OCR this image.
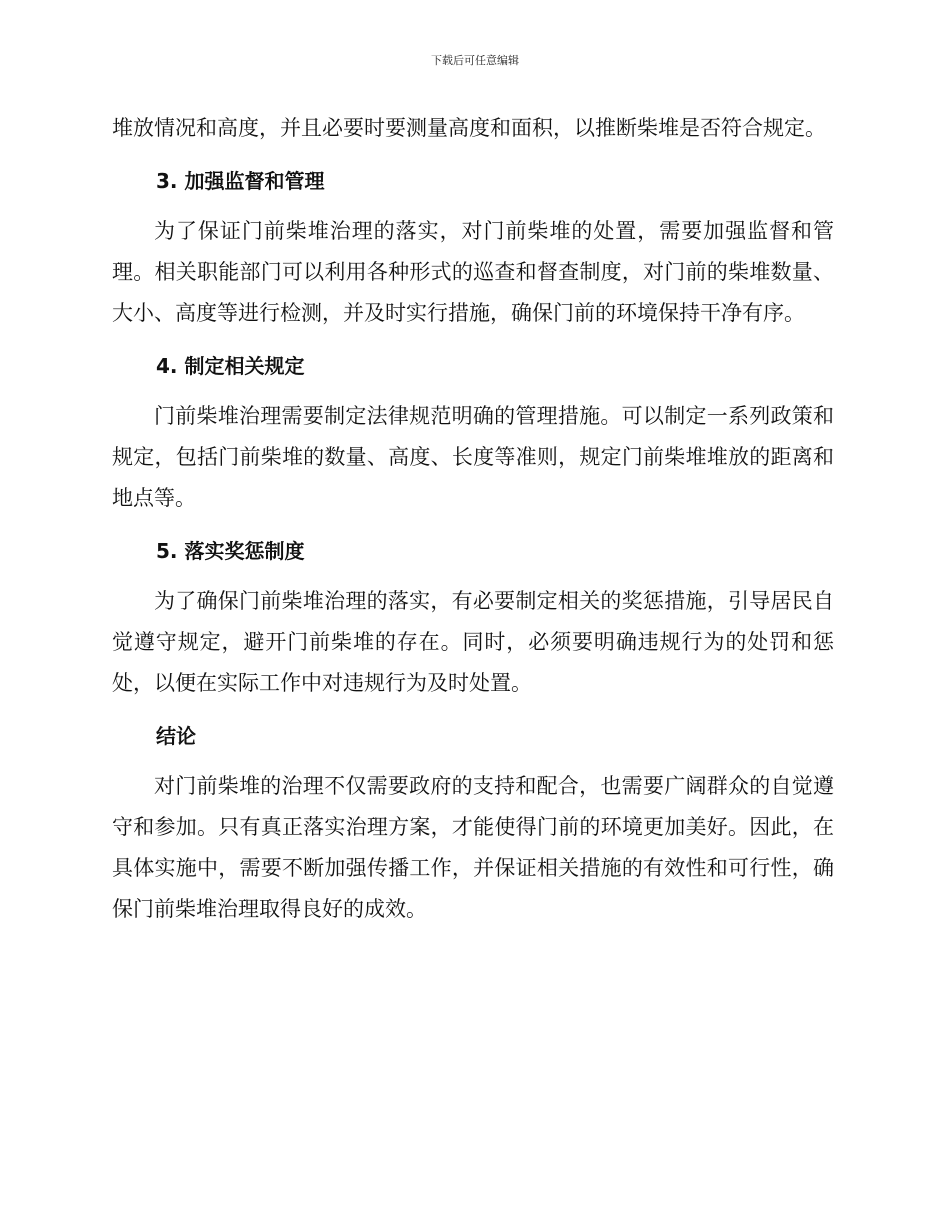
下载后可任意编辑

堆放情况和高度，并且必要时要测量高度和面积，以推断柴堆是否符合规定。

3. 加强监督和管理

为了保证门前柴堆治理的落实，对门前柴堆的处置，需要加强监督和管理。相关职能部门可以利用各种形式的巡查和督查制度，对门前的柴堆数量、大小、高度等进行检测，并及时实行措施，确保门前的环境保持干净有序。

4. 制定相关规定

门前柴堆治理需要制定法律规范明确的管理措施。可以制定一系列政策和规定，包括门前柴堆的数量、高度、长度等准则，规定门前柴堆堆放的距离和地点等。

5. 落实奖惩制度

为了确保门前柴堆治理的落实，有必要制定相关的奖惩措施，引导居民自觉遵守规定，避开门前柴堆的存在。同时，必须要明确违规行为的处罚和惩处，以便在实际工作中对违规行为及时处置。

结论

对门前柴堆的治理不仅需要政府的支持和配合，也需要广阔群众的自觉遵守和参加。只有真正落实治理方案，才能使得门前的环境更加美好。因此，在具体实施中，需要不断加强传播工作，并保证相关措施的有效性和可行性，确保门前柴堆治理取得良好的成效。
